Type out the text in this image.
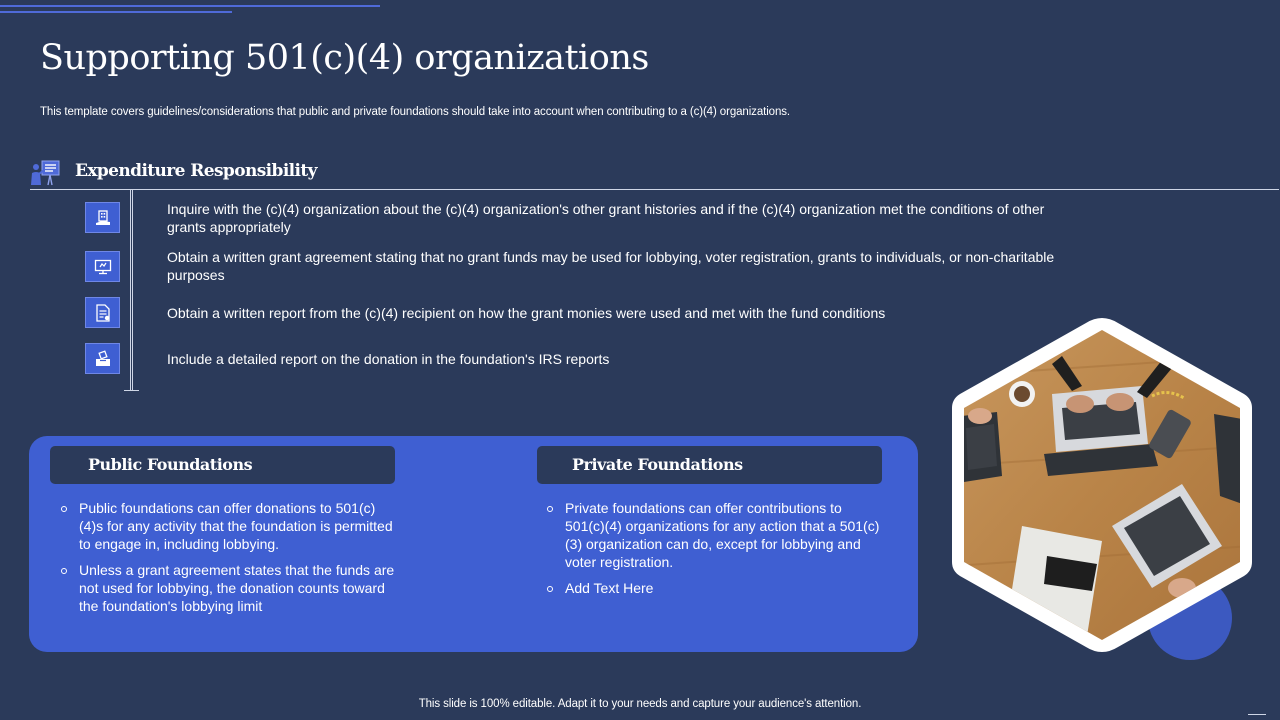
Supporting 501(c)(4) organizations

This template covers guidelines/considerations that public and private foundations should take into account when contributing to a (c)(4) organizations.

Expenditure Responsibility

Inquire with the (c)(4) organization about the (c)(4) organization's other grant histories and if the (c)(4) organization met the conditions of other grants appropriately

Obtain a written grant agreement stating that no grant funds may be used for lobbying, voter registration, grants to individuals, or non-charitable purposes

Obtain a written report from the (c)(4) recipient on how the grant monies were used and met with the fund conditions

Include a detailed report on the donation in the foundation's IRS reports

Public Foundations

Public foundations can offer donations to 501(c)(4)s for any activity that the foundation is permitted to engage in, including lobbying.
Unless a grant agreement states that the funds are not used for lobbying, the donation counts toward the foundation's lobbying limit

Private Foundations

Private foundations can offer contributions to 501(c)(4) organizations for any action that a 501(c)(3) organization can do, except for lobbying and voter registration.
Add Text Here

This slide is 100% editable. Adapt it to your needs and capture your audience's attention.
